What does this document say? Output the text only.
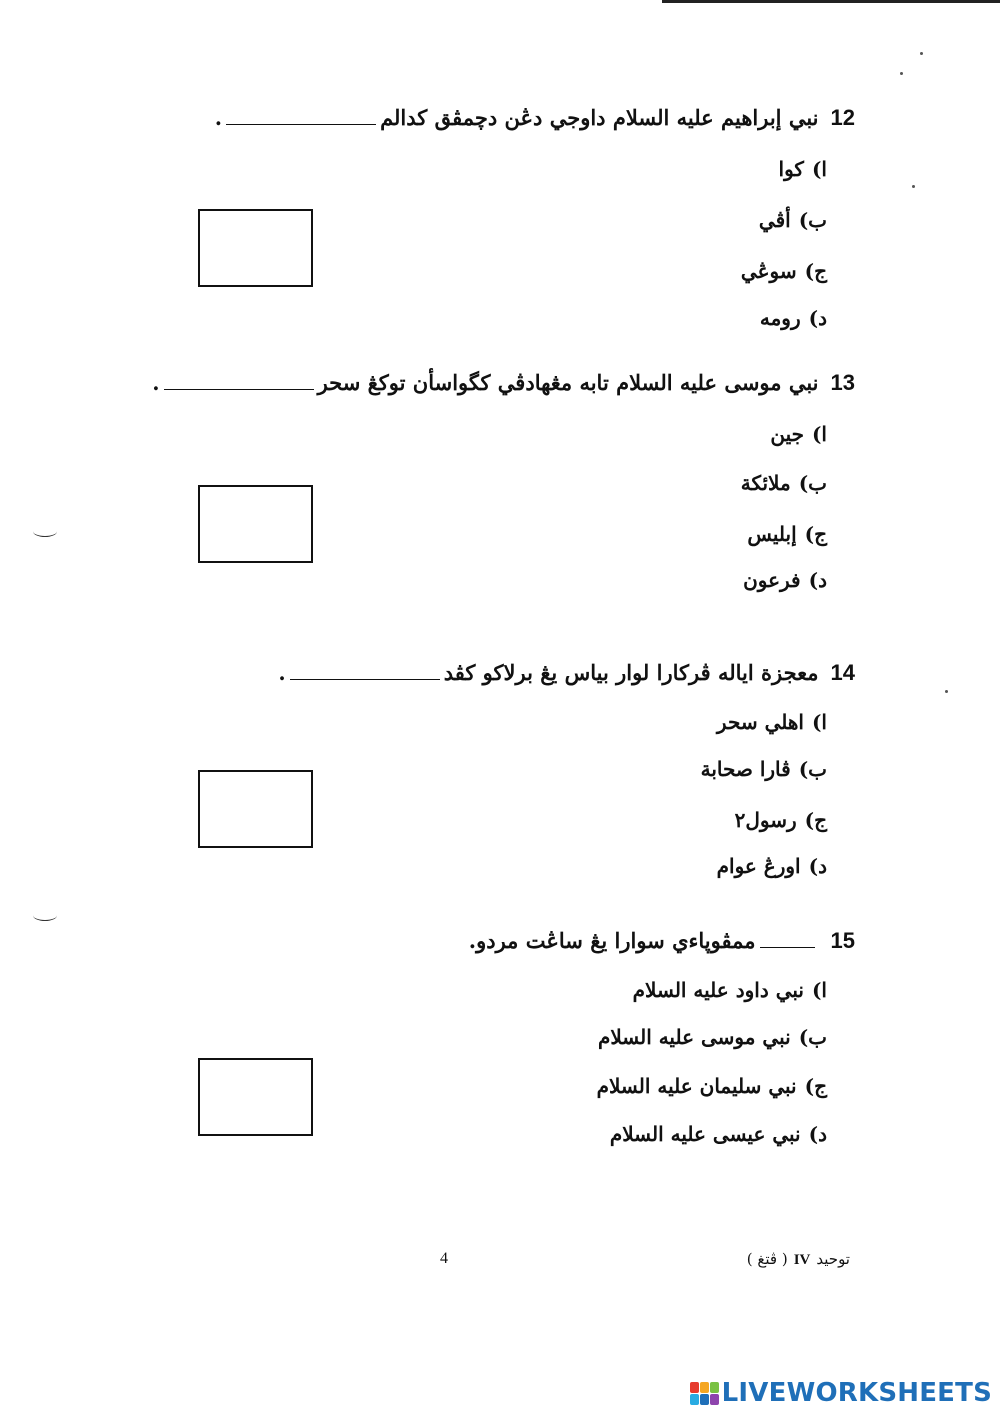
12نبي إبراهيم عليه السلام داوجي دڠن دچمڤق كدالم.
ا)كوا
ب)أڤي
ج)سوڠي
د)رومه
13نبي موسى عليه السلام تابه مڠهادڤي كگواسأن توكڠ سحر.
ا)جين
ب)ملائكة
ج)إبليس
د)فرعون
14معجزة اياله ڤركارا لوار بياس يڠ برلاكو كڤد.
ا)اهلي سحر
ب)ڤارا صحابة
ج)رسول٢
د)اورڠ عوام
15ممڤوڽاءي سوارا يڠ ساڠت مردو.
ا)نبي داود عليه السلام
ب)نبي موسى عليه السلام
ج)نبي سليمان عليه السلام
د)نبي عيسى عليه السلام
4	توحيدIV( ڤتغ )
LIVEWORKSHEETS
